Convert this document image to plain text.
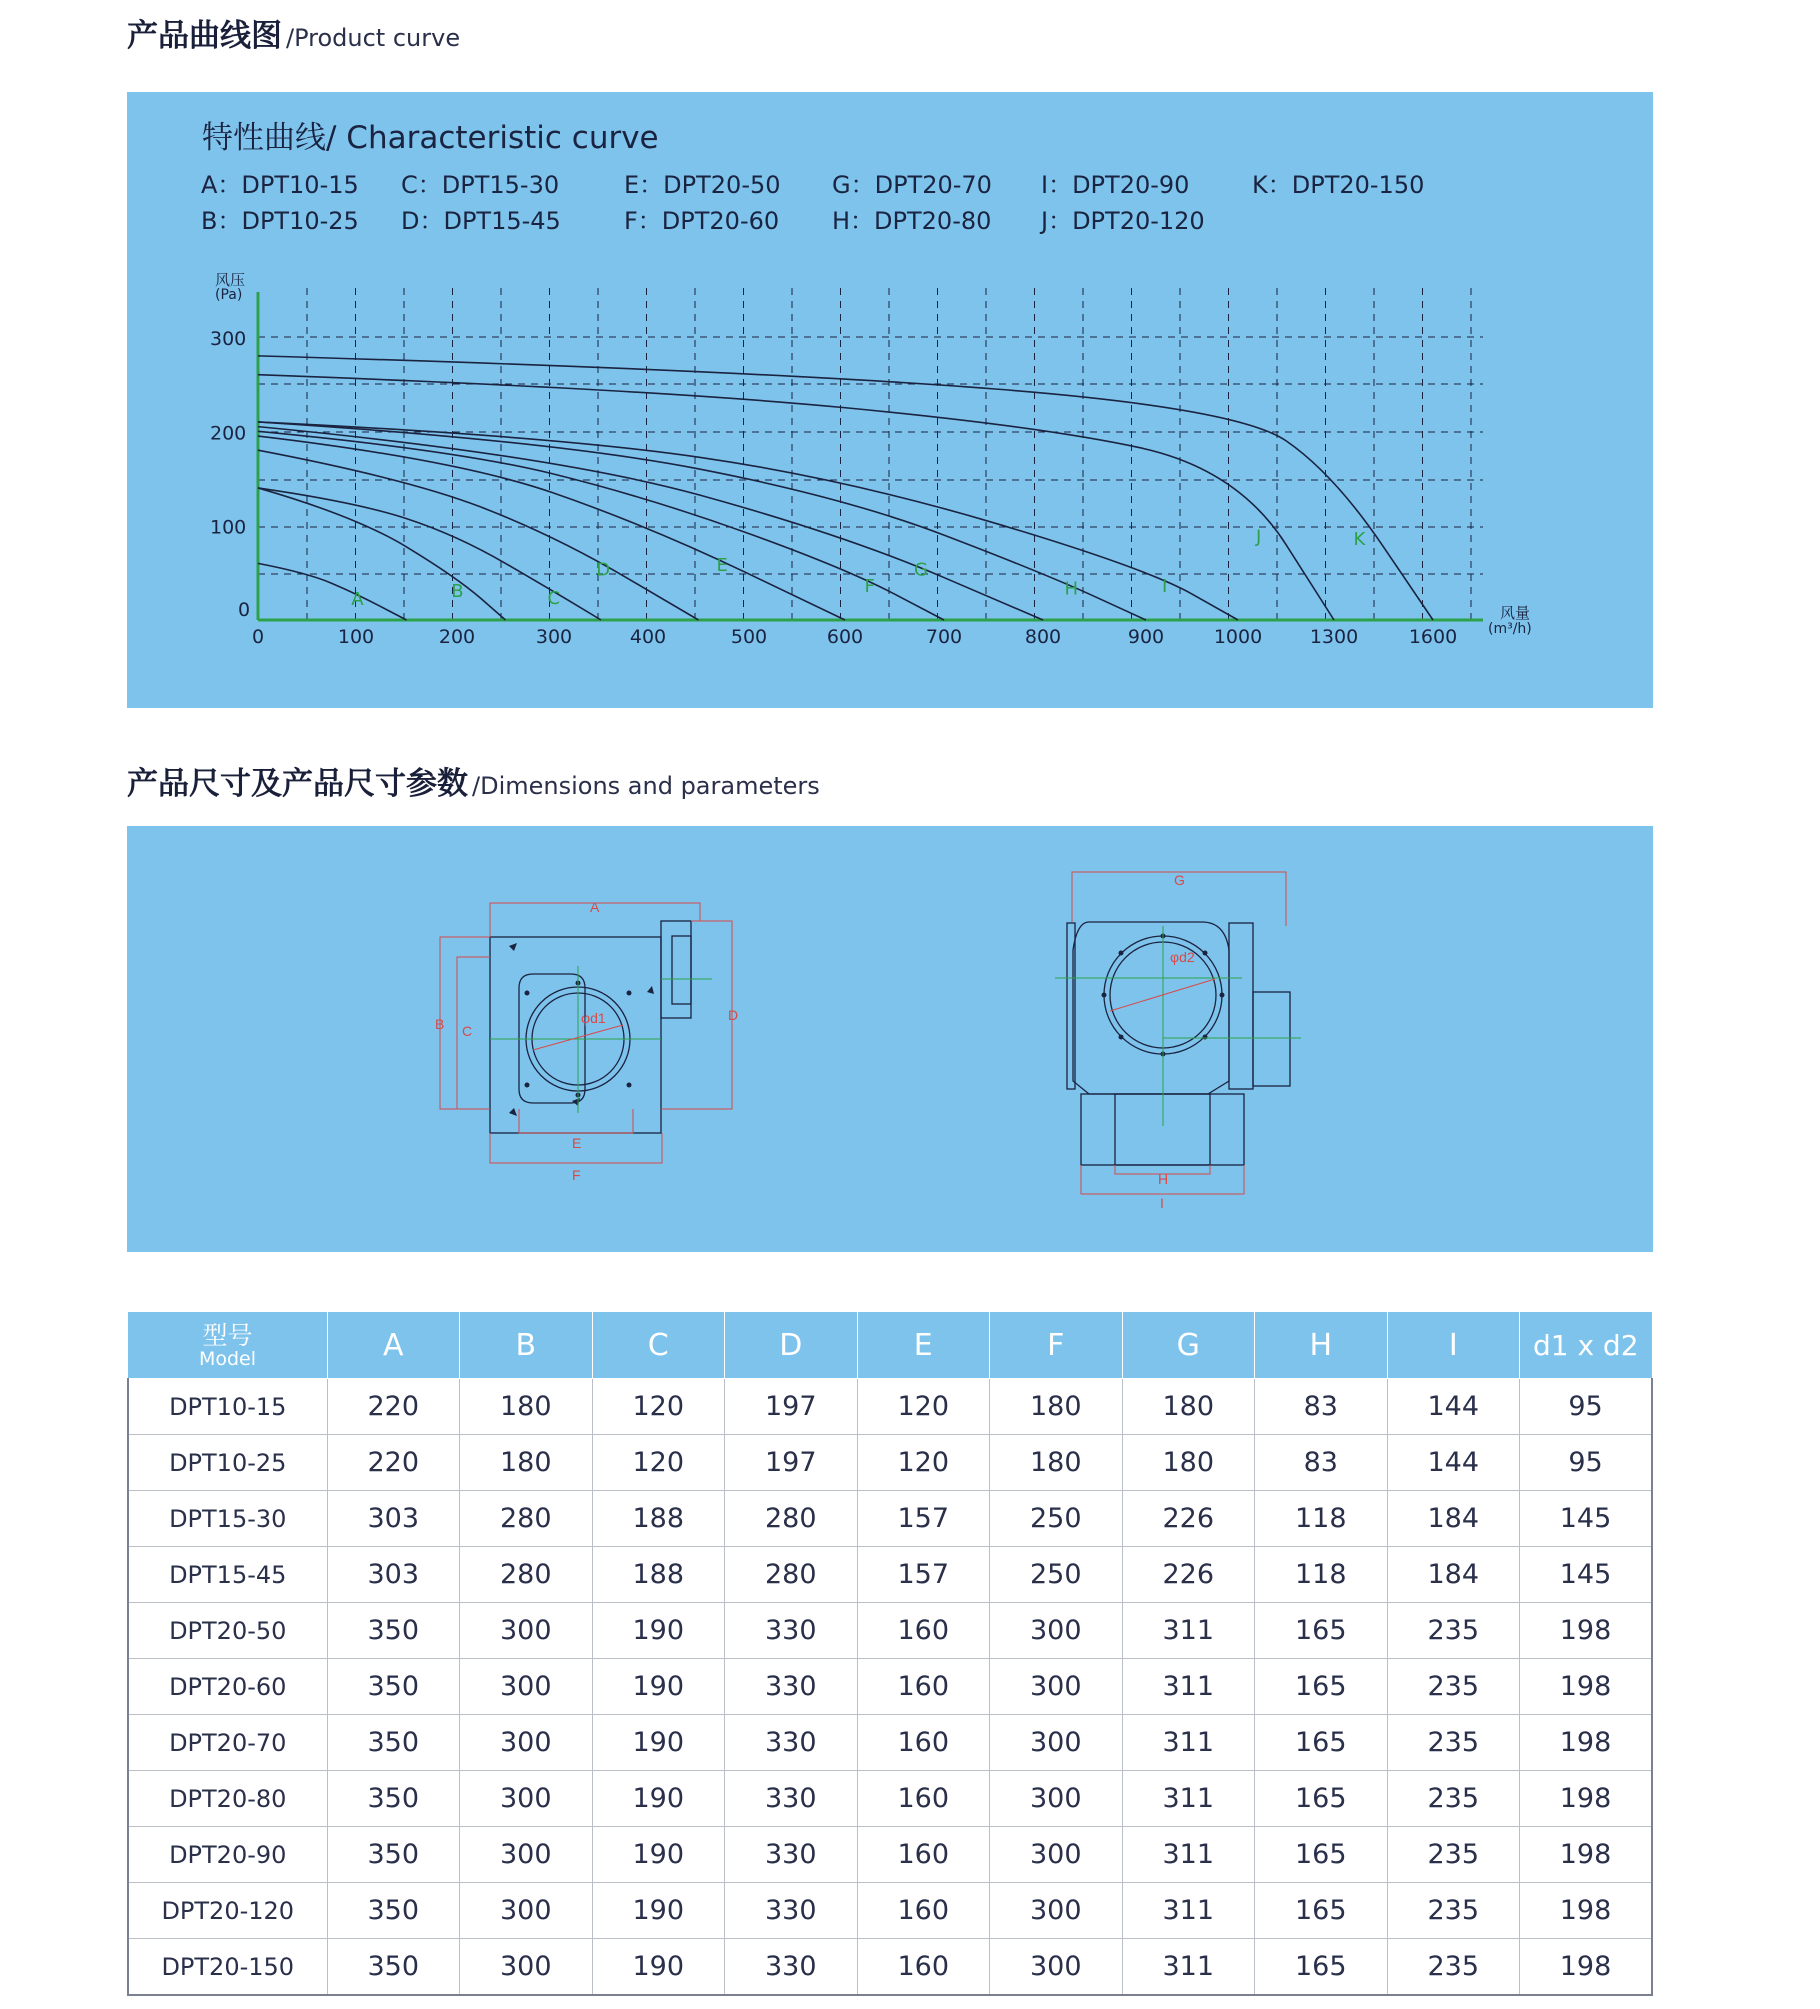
产品曲线图 /Product curve
特性曲线/ Characteristic curve
A：DPT10-15 C：DPT15-30	E：DPT20-50 G：DPT20-70 I：DPT20-90	K：DPT20-150
B：DPT10-25 D：DPT15-45	F：DPT20-60 H：DPT20-80 J：DPT20-120
300
200
100
0
0	100	200	300	400	500	600	700	800	900	1000	1300	1600
A	B	C
D	E
F
G
H	I
J	K
风压
(Pa)
风量
(m³/h)
产品尺寸及产品尺寸参数 /Dimensions and parameters
A
B C
D
E
F
φd1
G
H
I
φd2
型号
Model	A	B	C	D	E	F	G	H	I	d1 x d2
DPT10-15	220	180	120	197	120	180	180	83	144	95
DPT10-25	220	180	120	197	120	180	180	83	144	95
DPT15-30	303	280	188	280	157	250	226	118	184	145
DPT15-45	303	280	188	280	157	250	226	118	184	145
DPT20-50	350	300	190	330	160	300	311	165	235	198
DPT20-60	350	300	190	330	160	300	311	165	235	198
DPT20-70	350	300	190	330	160	300	311	165	235	198
DPT20-80	350	300	190	330	160	300	311	165	235	198
DPT20-90	350	300	190	330	160	300	311	165	235	198
DPT20-120	350	300	190	330	160	300	311	165	235	198
DPT20-150	350	300	190	330	160	300	311	165	235	198
